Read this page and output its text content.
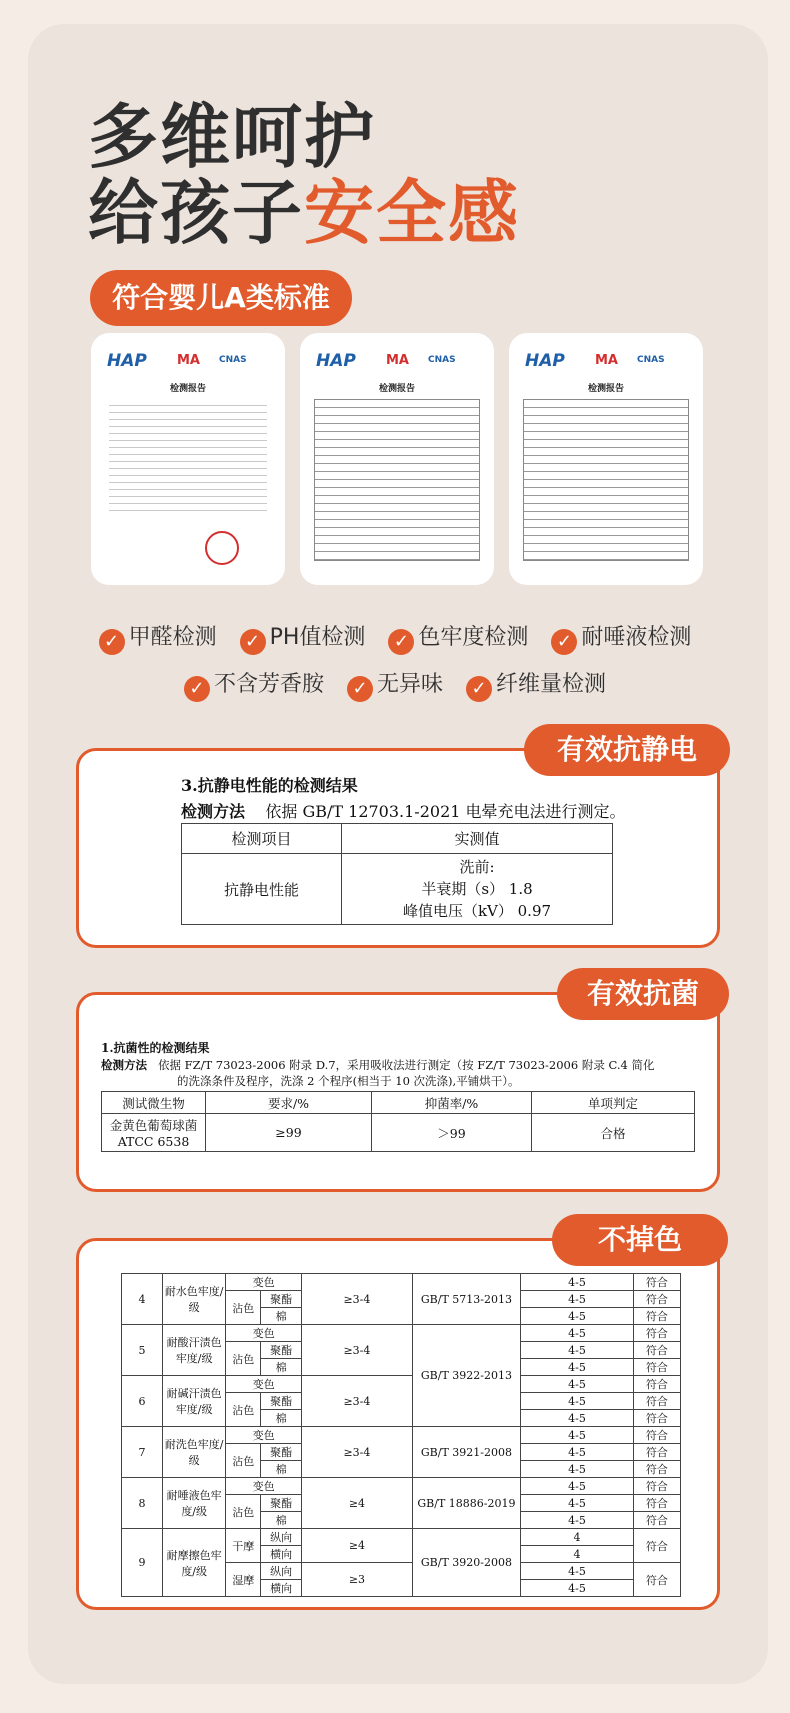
多维呵护
给孩子安全感
符合婴儿A类标准
HAP MA CNAS
检测报告
HAP MA CNAS
检测报告
HAP MA CNAS
检测报告
✓ 甲醛检测 ✓ PH值检测 ✓ 色牢度检测 ✓ 耐唾液检测
✓ 不含芳香胺 ✓ 无异味 ✓ 纤维量检测
3.抗静电性能的检测结果
检测方法 依据 GB/T 12703.1-2021 电晕充电法进行测定。
检测项目	实测值
抗静电性能	洗前:
半衰期（s） 1.8
峰值电压（kV） 0.97
有效抗静电
1.抗菌性的检测结果
检测方法 依据 FZ/T 73023-2006 附录 D.7，采用吸收法进行测定（按 FZ/T 73023-2006 附录 C.4 简化
的洗涤条件及程序，洗涤 2 个程序(相当于 10 次洗涤),平铺烘干）。
测试微生物	要求/%	抑菌率/%	单项判定
金黄色葡萄球菌 ATCC 6538	≥99	＞99	合格
有效抗菌
4	耐水色牢度/级	变色		≥3-4	GB/T 5713-2013	4-5	符合
		沾色	聚酯			4-5	符合
			棉			4-5	符合
5	耐酸汗渍色牢度/级	变色		≥3-4	GB/T 3922-2013	4-5	符合
		沾色	聚酯			4-5	符合
			棉			4-5	符合
6	耐碱汗渍色牢度/级	变色		≥3-4		4-5	符合
		沾色	聚酯			4-5	符合
			棉			4-5	符合
7	耐洗色牢度/级	变色		≥3-4	GB/T 3921-2008	4-5	符合
		沾色	聚酯			4-5	符合
			棉			4-5	符合
8	耐唾液色牢度/级	变色		≥4	GB/T 18886-2019	4-5	符合
		沾色	聚酯			4-5	符合
			棉			4-5	符合
9	耐摩擦色牢度/级	干摩	纵向	≥4	GB/T 3920-2008	4	符合
			横向			4	
		湿摩	纵向	≥3		4-5	符合
			横向			4-5	
不掉色
